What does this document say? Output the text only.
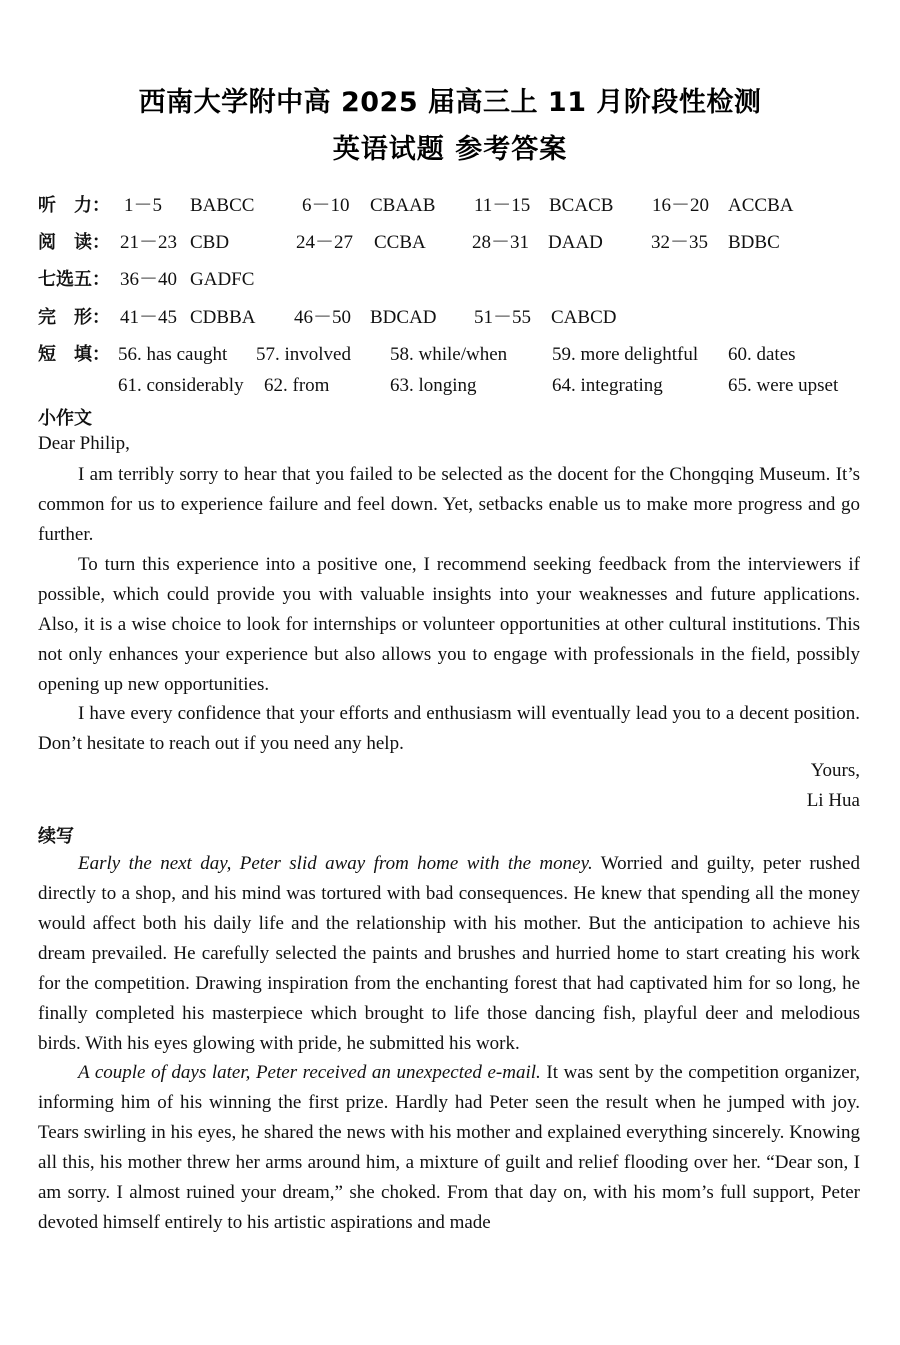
西南大学附中高 2025 届高三上 11 月阶段性检测
英语试题 参考答案
听　力： 1－5 BABCC	6－10 CBAAB 11－15 BCACB 16－20 ACCBA
阅　读： 21－23 CBD	24－27 CCBA 28－31 DAAD	32－35 BDBC
七选五： 36－40 GADFC
完　形： 41－45 CDBBA 46－50 BDCAD 51－55 CABCD
短　填： 56. has caught 57. involved 58. while/when 59. more delightful 60. dates
61. considerably 62. from	63. longing	64. integrating	65. were upset
小作文
Dear Philip,

I am terribly sorry to hear that you failed to be selected as the docent for the Chongqing Museum. It’s common for us to experience failure and feel down. Yet, setbacks enable us to make more progress and go further.

To turn this experience into a positive one, I recommend seeking feedback from the interviewers if possible, which could provide you with valuable insights into your weaknesses and future applications. Also, it is a wise choice to look for internships or volunteer opportunities at other cultural institutions. This not only enhances your experience but also allows you to engage with professionals in the field, possibly opening up new opportunities.

I have every confidence that your efforts and enthusiasm will eventually lead you to a decent position. Don’t hesitate to reach out if you need any help.

Yours,
Li Hua
续写

Early the next day, Peter slid away from home with the money. Worried and guilty, peter rushed directly to a shop, and his mind was tortured with bad consequences. He knew that spending all the money would affect both his daily life and the relationship with his mother. But the anticipation to achieve his dream prevailed. He carefully selected the paints and brushes and hurried home to start creating his work for the competition. Drawing inspiration from the enchanting forest that had captivated him for so long, he finally completed his masterpiece which brought to life those dancing fish, playful deer and melodious birds. With his eyes glowing with pride, he submitted his work.

A couple of days later, Peter received an unexpected e-mail. It was sent by the competition organizer, informing him of his winning the first prize. Hardly had Peter seen the result when he jumped with joy. Tears swirling in his eyes, he shared the news with his mother and explained everything sincerely. Knowing all this, his mother threw her arms around him, a mixture of guilt and relief flooding over her. “Dear son, I am sorry. I almost ruined your dream,” she choked. From that day on, with his mom’s full support, Peter devoted himself entirely to his artistic aspirations and made
